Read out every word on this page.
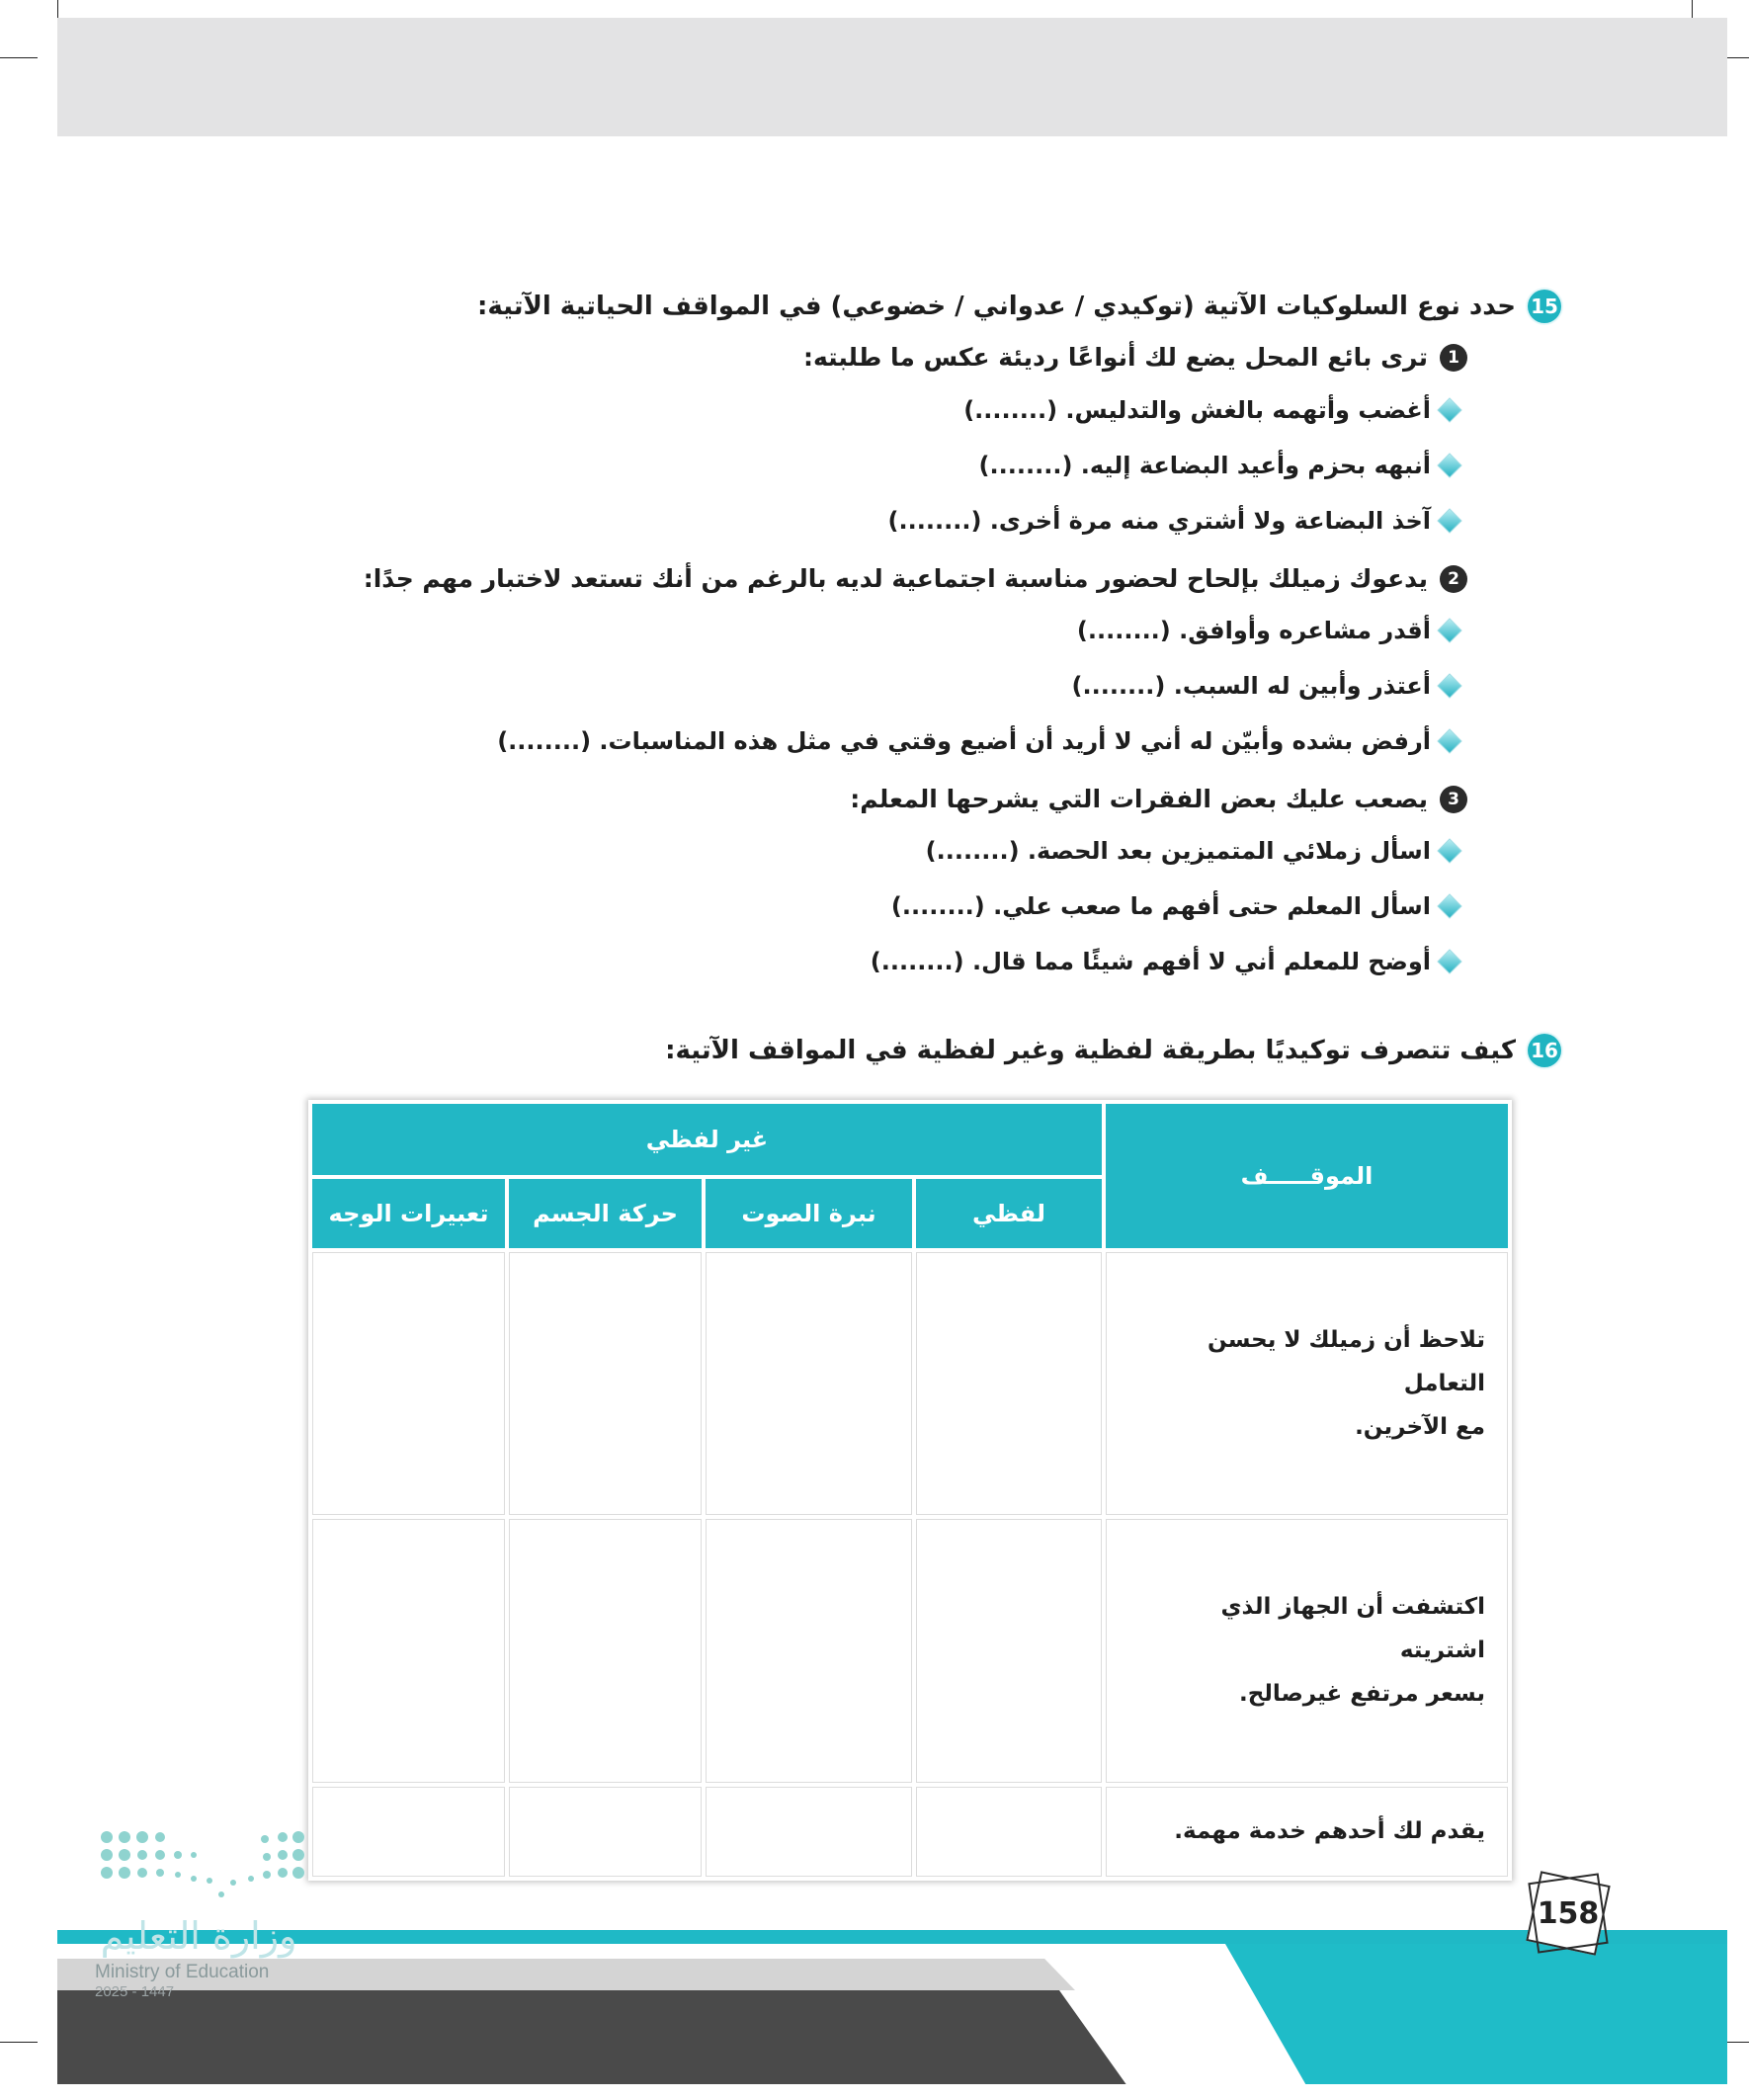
15
حدد نوع السلوكيات الآتية (توكيدي / عدواني / خضوعي) في المواقف الحياتية الآتية:
1
ترى بائع المحل يضع لك أنواعًا رديئة عكس ما طلبته:
أغضب وأتهمه بالغش والتدليس. (........)
أنبهه بحزم وأعيد البضاعة إليه. (........)
آخذ البضاعة ولا أشتري منه مرة أخرى. (........)
2
يدعوك زميلك بإلحاح لحضور مناسبة اجتماعية لديه بالرغم من أنك تستعد لاختبار مهم جدًا:
أقدر مشاعره وأوافق. (........)
أعتذر وأبين له السبب. (........)
أرفض بشده وأبيّن له أني لا أريد أن أضيع وقتي في مثل هذه المناسبات. (........)
3
يصعب عليك بعض الفقرات التي يشرحها المعلم:
اسأل زملائي المتميزين بعد الحصة. (........)
اسأل المعلم حتى أفهم ما صعب علي. (........)
أوضح للمعلم أني لا أفهم شيئًا مما قال. (........)
16
كيف تتصرف توكيديًا بطريقة لفظية وغير لفظية في المواقف الآتية:
الموقـــــف	غير لفظي			
	لفظي	نبرة الصوت	حركة الجسم	تعبيرات الوجه

تلاحظ أن زميلك لا يحسن التعامل
مع الآخرين.				

اكتشفت أن الجهاز الذي اشتريته
بسعر مرتفع غيرصالح.				

يقدم لك أحدهم خدمة مهمة.				

وزارة التعليم
Ministry of Education
2025 - 1447
158
